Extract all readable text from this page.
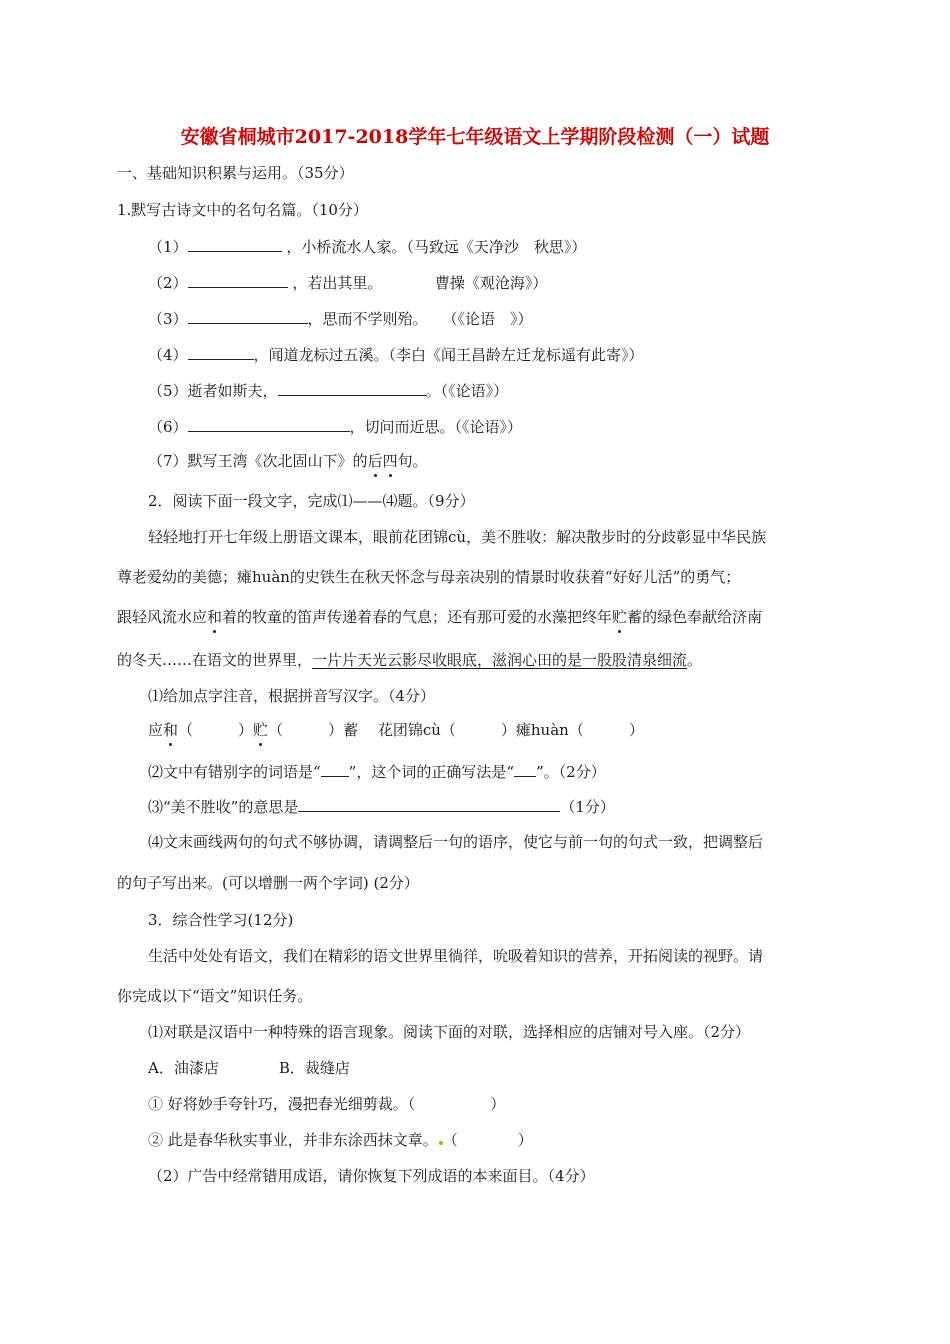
安徽省桐城市2017-2018学年七年级语文上学期阶段检测（一）试题
一、基础知识积累与运用。（35分）
1.默写古诗文中的名句名篇。（10分）
（1）	，小桥流水人家。（马致远《天净沙　秋思》）
（2）	，若出其里。　　　　曹操《观沧海》）
（3）	，思而不学则殆。　　（《论语　》）
（4）	，闻道龙标过五溪。（李白《闻王昌龄左迁龙标遥有此寄》）
（5）逝者如斯夫，	。（《论语》）
（6）	，切问而近思。（《论语》）
（7）默写王湾《次北固山下》的后四句。
2．阅读下面一段文字，完成⑴——⑷题。（9分）
轻轻地打开七年级上册语文课本，眼前花团锦cù，美不胜收：解决散步时的分歧彰显中华民族
尊老爱幼的美德；瘫huàn的史铁生在秋天怀念与母亲决别的情景时收获着“好好儿活”的勇气；
跟轻风流水应和着的牧童的笛声传递着春的气息；还有那可爱的水藻把终年贮蓄的绿色奉献给济南
的冬天……在语文的世界里，一片片天光云影尽收眼底，滋润心田的是一股股清泉细流。
⑴给加点字注音，根据拼音写汉字。（4分）
应和（　　　）贮（　　　）蓄　 花团锦cù（　　　）瘫huàn（　　　）
⑵文中有错别字的词语是“ ”，这个词的正确写法是“ ”。（2分）
⑶“美不胜收”的意思是	（1分）
⑷文末画线两句的句式不够协调，请调整后一句的语序，使它与前一句的句式一致，把调整后
的句子写出来。(可以增删一两个字词) (2分）
3．综合性学习(12分)
生活中处处有语文，我们在精彩的语文世界里徜徉，吮吸着知识的营养，开拓阅读的视野。请
你完成以下“语文”知识任务。
⑴对联是汉语中一种特殊的语言现象。阅读下面的对联，选择相应的店铺对号入座。（2分）
A．油漆店　　　　B．裁缝店
① 好将妙手夸针巧，漫把春光细剪裁。（　　　　　）
② 此是春华秋实事业，并非东涂西抹文章。 （　　　　）
（2）广告中经常错用成语，请你恢复下列成语的本来面目。（4分）
